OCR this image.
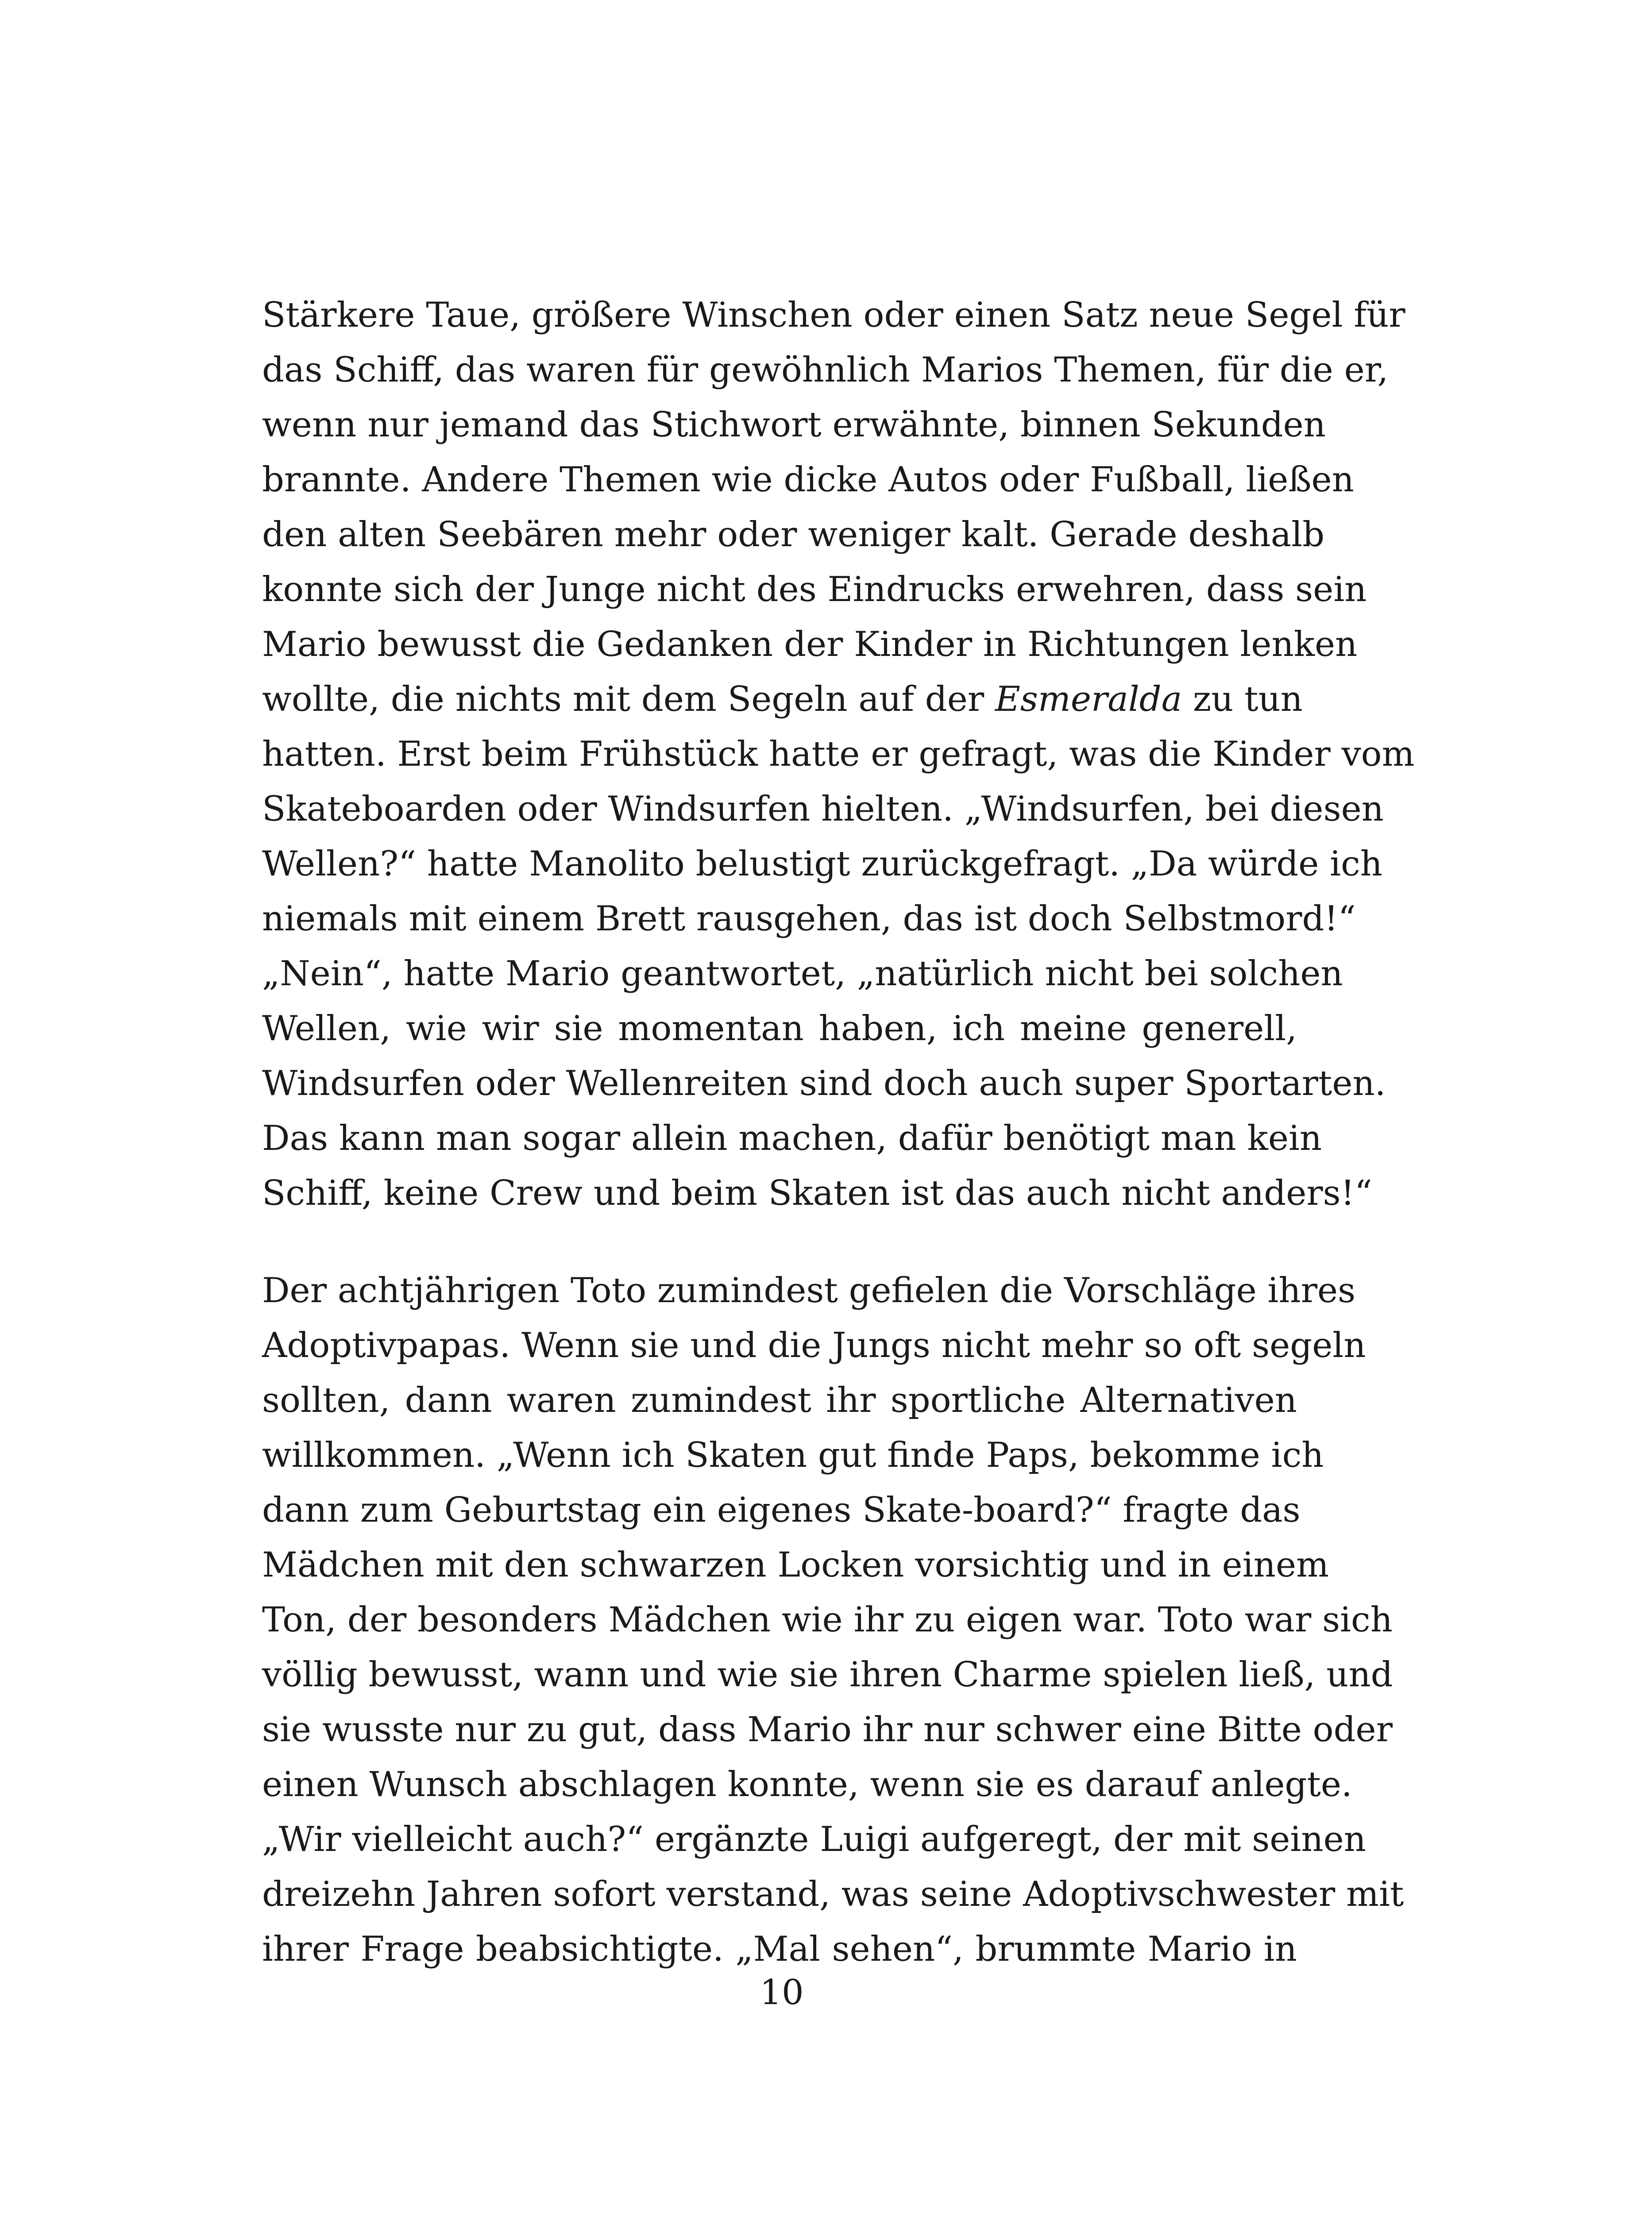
Stärkere Taue, größere Winschen oder einen Satz neue Segel für
das Schiff, das waren für gewöhnlich Marios Themen, für die er,
wenn nur jemand das Stichwort erwähnte, binnen Sekunden
brannte. Andere Themen wie dicke Autos oder Fußball, ließen
den alten Seebären mehr oder weniger kalt. Gerade deshalb
konnte sich der Junge nicht des Eindrucks erwehren, dass sein
Mario bewusst die Gedanken der Kinder in Richtungen lenken
wollte, die nichts mit dem Segeln auf der Esmeralda zu tun
hatten. Erst beim Frühstück hatte er gefragt, was die Kinder vom
Skateboarden oder Windsurfen hielten. „Windsurfen, bei diesen
Wellen?“ hatte Manolito belustigt zurückgefragt. „Da würde ich
niemals mit einem Brett rausgehen, das ist doch Selbstmord!“
„Nein“, hatte Mario geantwortet, „natürlich nicht bei solchen
Wellen, wie wir sie momentan haben, ich meine generell,
Windsurfen oder Wellenreiten sind doch auch super Sportarten.
Das kann man sogar allein machen, dafür benötigt man kein
Schiff, keine Crew und beim Skaten ist das auch nicht anders!“
Der achtjährigen Toto zumindest gefielen die Vorschläge ihres
Adoptivpapas. Wenn sie und die Jungs nicht mehr so oft segeln
sollten, dann waren zumindest ihr sportliche Alternativen
willkommen. „Wenn ich Skaten gut finde Paps, bekomme ich
dann zum Geburtstag ein eigenes Skate-board?“ fragte das
Mädchen mit den schwarzen Locken vorsichtig und in einem
Ton, der besonders Mädchen wie ihr zu eigen war. Toto war sich
völlig bewusst, wann und wie sie ihren Charme spielen ließ, und
sie wusste nur zu gut, dass Mario ihr nur schwer eine Bitte oder
einen Wunsch abschlagen konnte, wenn sie es darauf anlegte.
„Wir vielleicht auch?“ ergänzte Luigi aufgeregt, der mit seinen
dreizehn Jahren sofort verstand, was seine Adoptivschwester mit
ihrer Frage beabsichtigte. „Mal sehen“, brummte Mario in
10
